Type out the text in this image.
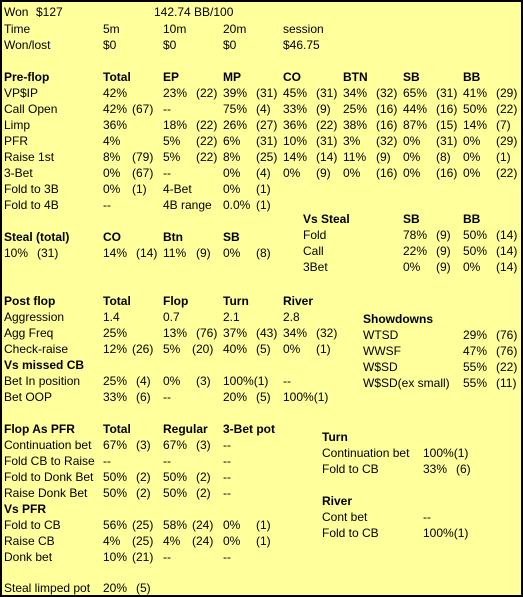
Won $127	142.74 BB/100
Time	5m	10m	20m	session
Won/lost	$0	$0	$0	$46.75
Pre-flop	Total	EP	MP	CO	BTN	SB	BB
VP$IP	42%	23% (22) 39% (31) 45% (31) 34% (32) 65% (31) 41% (29)
Call Open	42% (67) --	75% (4) 33% (9) 25% (16) 44% (16) 50% (22)
Limp	36%	18% (22) 26% (27) 36% (22) 38% (16) 87% (15) 14% (7)
PFR	4%	5% (22) 6% (31) 10% (31) 3% (32) 0% (31) 0% (29)
Raise 1st	8% (79) 5% (22) 8% (25) 14% (14) 11% (9) 0% (8) 0% (1)
3-Bet	0% (67) --	0% (4) 0% (9) 0% (16) 0% (16) 0% (22)
Fold to 3B	0% (1) 4-Bet	0% (1)
Fold to 4B	--	4B range 0.0% (1)
Vs Steal	SB	BB
Fold	78% (9) 50% (14)
Call	22% (9) 50% (14)
3Bet	0% (9) 0% (14)
Steal (total)	CO	Btn	SB
10% (31)	14% (14) 11% (9) 0% (8)
Post flop	Total	Flop	Turn	River
Aggression	1.4	0.7	2.1	2.8
Agg Freq	25%	13% (76) 37% (43) 34% (32)
Check-raise	12% (26) 5% (20) 40% (5) 0% (1)
Vs missed CB
Bet In position 25% (4) 0% (3) 100%(1) --
Bet OOP	33% (6) --	20% (5) 100%(1)
Showdowns
WTSD	29% (76)
WWSF	47% (76)
W$SD	55% (22)
W$SD(ex small) 55% (11)
Flop As PFR Total	Regular 3-Bet pot
Continuation bet 67% (3) 67% (3) --
Fold CB to Raise --	--	--
Fold to Donk Bet 50% (2) 50% (2) --
Raise Donk Bet 50% (2) 50% (2) --
Vs PFR
Fold to CB	56% (25) 58% (24) 0% (1)
Raise CB	4% (25) 4% (24) 0% (1)
Donk bet	10% (21) --	--
Steal limped pot 20% (5)
Turn
Continuation bet 100%(1)
Fold to CB	33% (6)
River
Cont bet	--
Fold to CB	100%(1)
